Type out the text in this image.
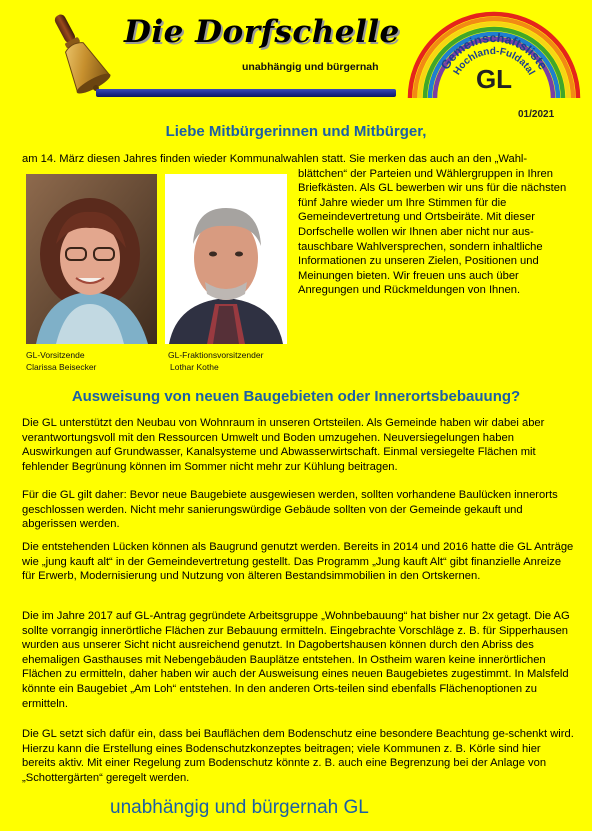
Die Dorfschelle
unabhängig und bürgernah	Gemeinschaftsliste
Hochland-Fuldatal
GL
01/2021
Liebe Mitbürgerinnen und Mitbürger,

am 14. März diesen Jahres finden wieder Kommunalwahlen statt. Sie merken das auch an den „Wahl-

blättchen“ der Parteien und Wählergruppen in Ihren Briefkästen. Als GL bewerben wir uns für die nächsten fünf Jahre wieder um Ihre Stimmen für die Gemeindevertretung und Ortsbeiräte. Mit dieser Dorfschelle wollen wir Ihnen aber nicht nur aus-tauschbare Wahlversprechen, sondern inhaltliche Informationen zu unseren Zielen, Positionen und Meinungen bieten. Wir freuen uns auch über Anregungen und Rückmeldungen von Ihnen.

GL-Vorsitzende
Clarissa Beisecker
GL-Fraktionsvorsitzender
Lothar Kothe
Ausweisung von neuen Baugebieten oder Innerortsbebauung?

Die GL unterstützt den Neubau von Wohnraum in unseren Ortsteilen. Als Gemeinde haben wir dabei aber verantwortungsvoll mit den Ressourcen Umwelt und Boden umzugehen. Neuversiegelungen haben Auswirkungen auf Grundwasser, Kanalsysteme und Abwasserwirtschaft. Einmal versiegelte Flächen mit fehlender Begrünung können im Sommer nicht mehr zur Kühlung beitragen.

Für die GL gilt daher: Bevor neue Baugebiete ausgewiesen werden, sollten vorhandene Baulücken innerorts geschlossen werden. Nicht mehr sanierungswürdige Gebäude sollten von der Gemeinde gekauft und abgerissen werden.

Die entstehenden Lücken können als Baugrund genutzt werden. Bereits in 2014 und 2016 hatte die GL Anträge wie „jung kauft alt“ in der Gemeindevertretung gestellt. Das Programm „Jung kauft Alt“ gibt finanzielle Anreize für Erwerb, Modernisierung und Nutzung von älteren Bestandsimmobilien in den Ortskernen.

Die im Jahre 2017 auf GL-Antrag gegründete Arbeitsgruppe „Wohnbebauung“ hat bisher nur 2x getagt. Die AG sollte vorrangig innerörtliche Flächen zur Bebauung ermitteln. Eingebrachte Vorschläge z. B. für Sipperhausen wurden aus unserer Sicht nicht ausreichend genutzt. In Dagobertshausen können durch den Abriss des ehemaligen Gasthauses mit Nebengebäuden Bauplätze entstehen. In Ostheim waren keine innerörtlichen Flächen zu ermitteln, daher haben wir auch der Ausweisung eines neuen Baugebietes zugestimmt. In Malsfeld könnte ein Baugebiet „Am Loh“ entstehen. In den anderen Orts-teilen sind ebenfalls Flächenoptionen zu ermitteln.

Die GL setzt sich dafür ein, dass bei Bauflächen dem Bodenschutz eine besondere Beachtung ge-schenkt wird. Hierzu kann die Erstellung eines Bodenschutzkonzeptes beitragen; viele Kommunen z. B. Körle sind hier bereits aktiv. Mit einer Regelung zum Bodenschutz könnte z. B. auch eine Begrenzung bei der Anlage von „Schottergärten“ geregelt werden.

unabhängig und bürgernah GL
